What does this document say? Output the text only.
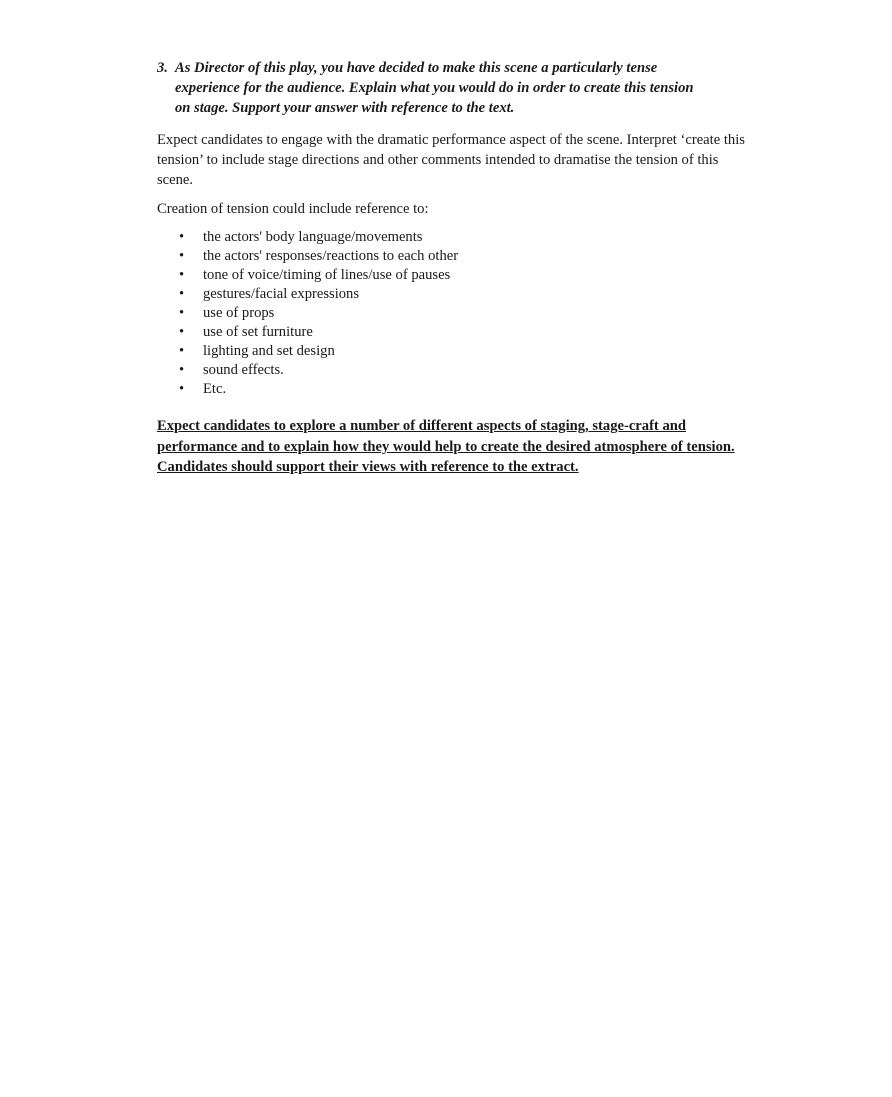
3. As Director of this play, you have decided to make this scene a particularly tense experience for the audience. Explain what you would do in order to create this tension on stage. Support your answer with reference to the text.

Expect candidates to engage with the dramatic performance aspect of the scene. Interpret ‘create this tension’ to include stage directions and other comments intended to dramatise the tension of this scene.

Creation of tension could include reference to:

•	the actors' body language/movements
•	the actors' responses/reactions to each other
•	tone of voice/timing of lines/use of pauses
•	gestures/facial expressions
•	use of props
•	use of set furniture
•	lighting and set design
•	sound effects.
•	Etc.

Expect candidates to explore a number of different aspects of staging, stage-craft and performance and to explain how they would help to create the desired atmosphere of tension. Candidates should support their views with reference to the extract.
